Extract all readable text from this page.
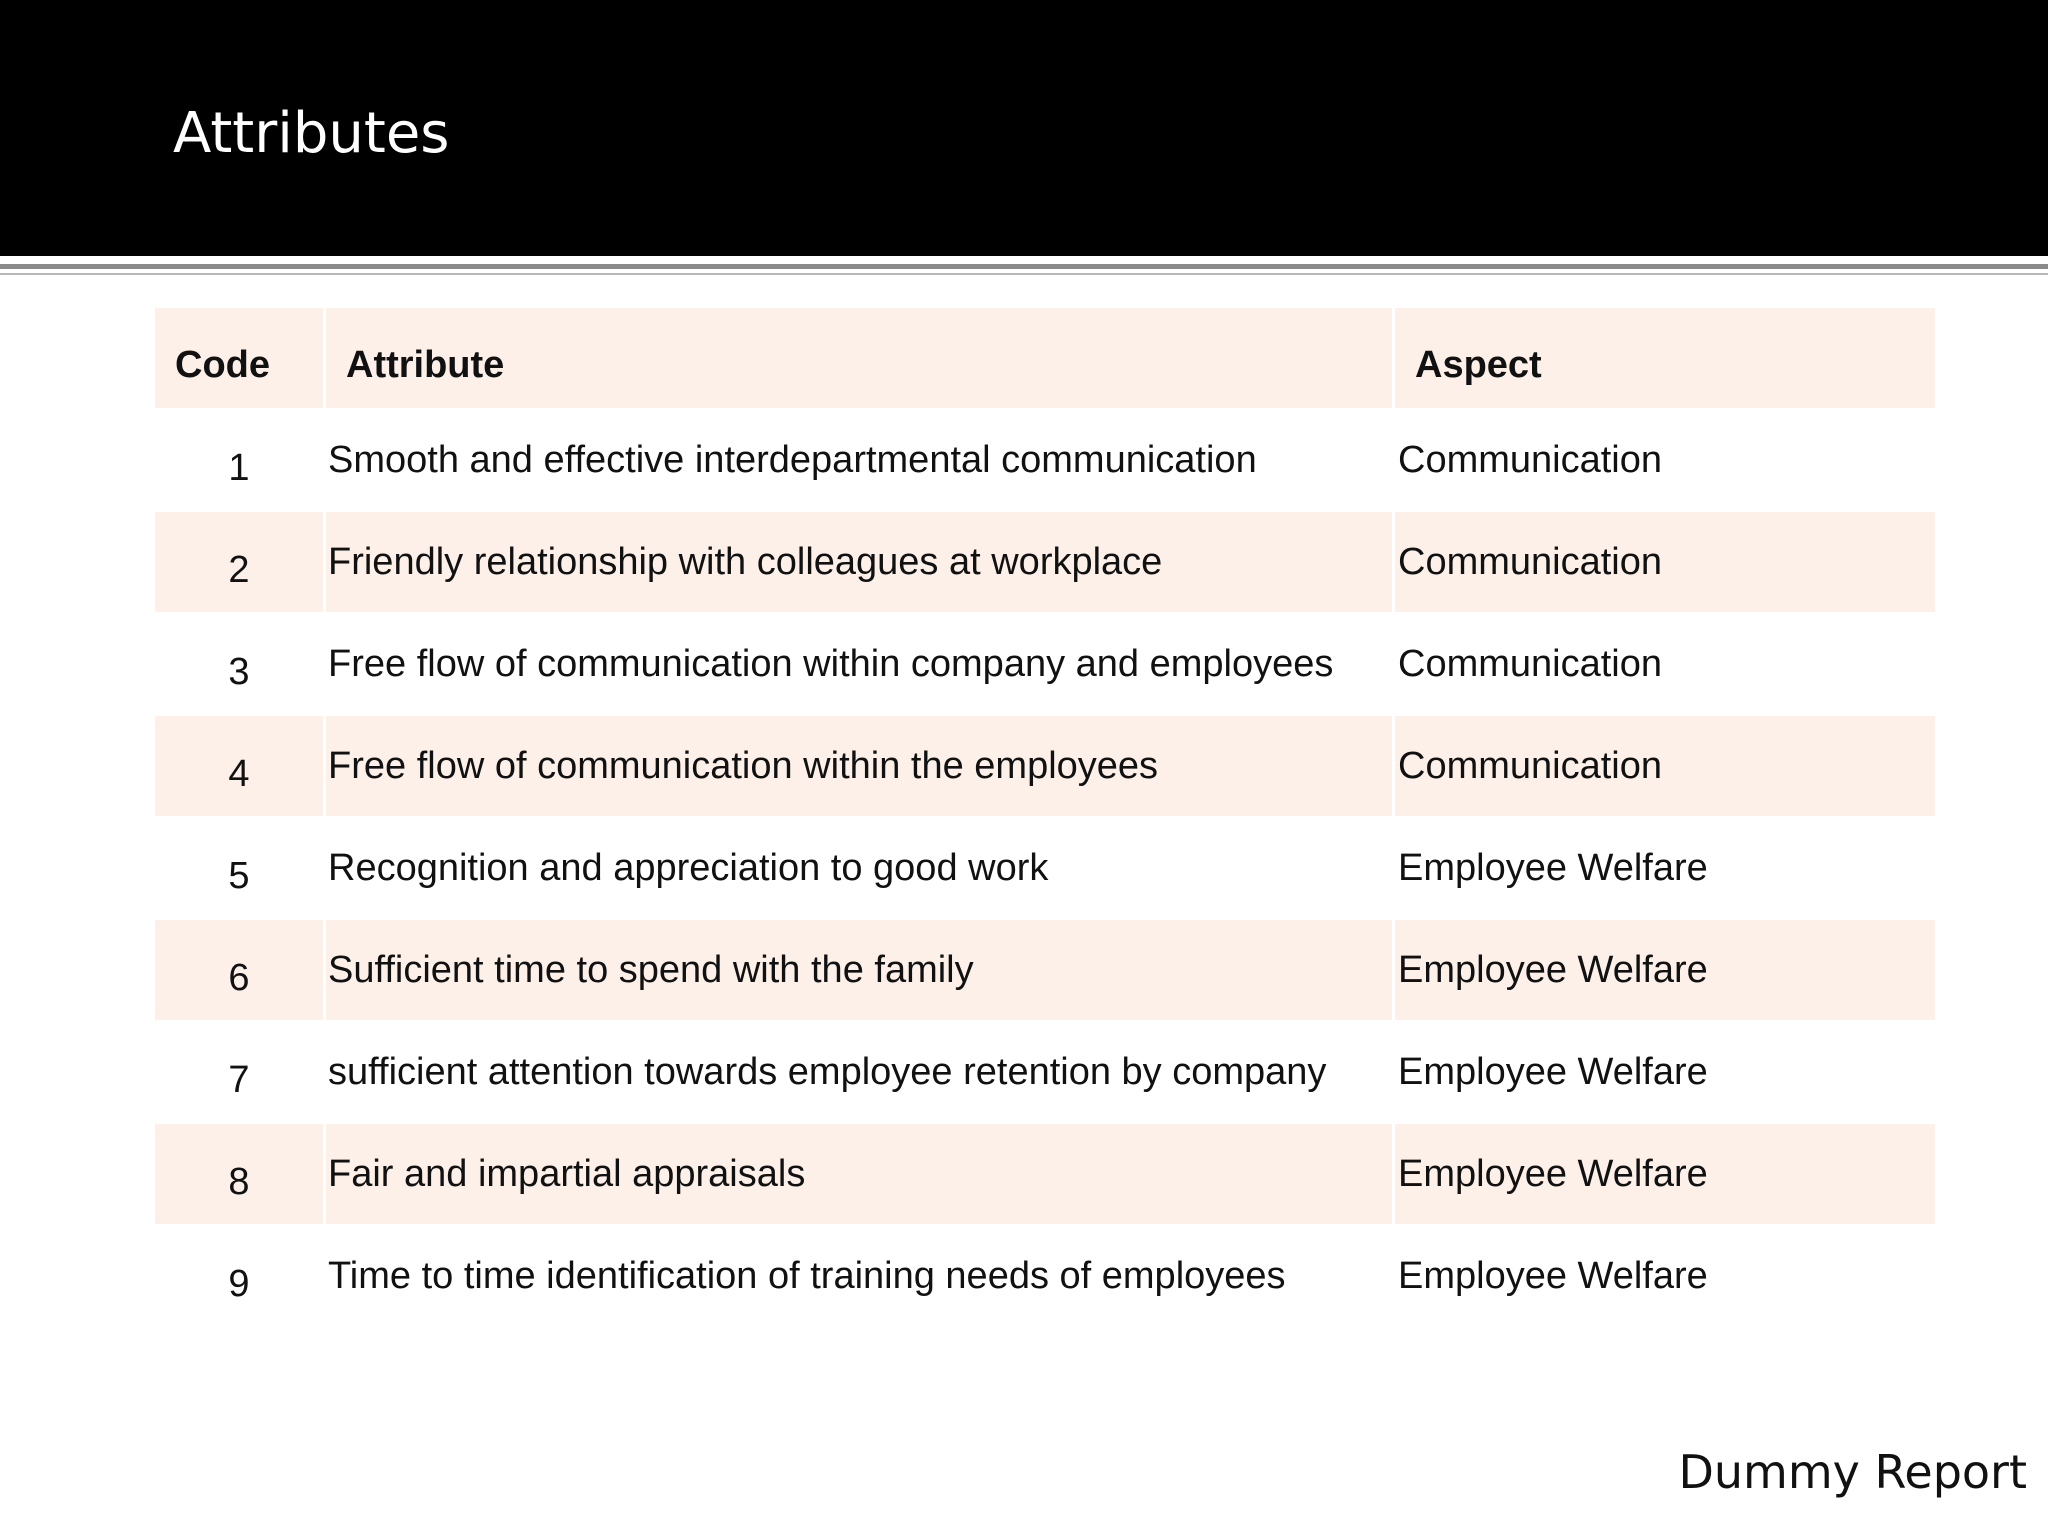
Attributes
Code	Attribute	Aspect
1 Smooth and effective interdepartmental communication	Communication
2 Friendly relationship with colleagues at workplace	Communication
3 Free flow of communication within company and employees	Communication
4 Free flow of communication within the employees	Communication
5 Recognition and appreciation to good work	Employee Welfare
6 Sufficient time to spend with the family	Employee Welfare
7 sufficient attention towards employee retention by company	Employee Welfare
8 Fair and impartial appraisals	Employee Welfare
9 Time to time identification of training needs of employees	Employee Welfare
Dummy Report
